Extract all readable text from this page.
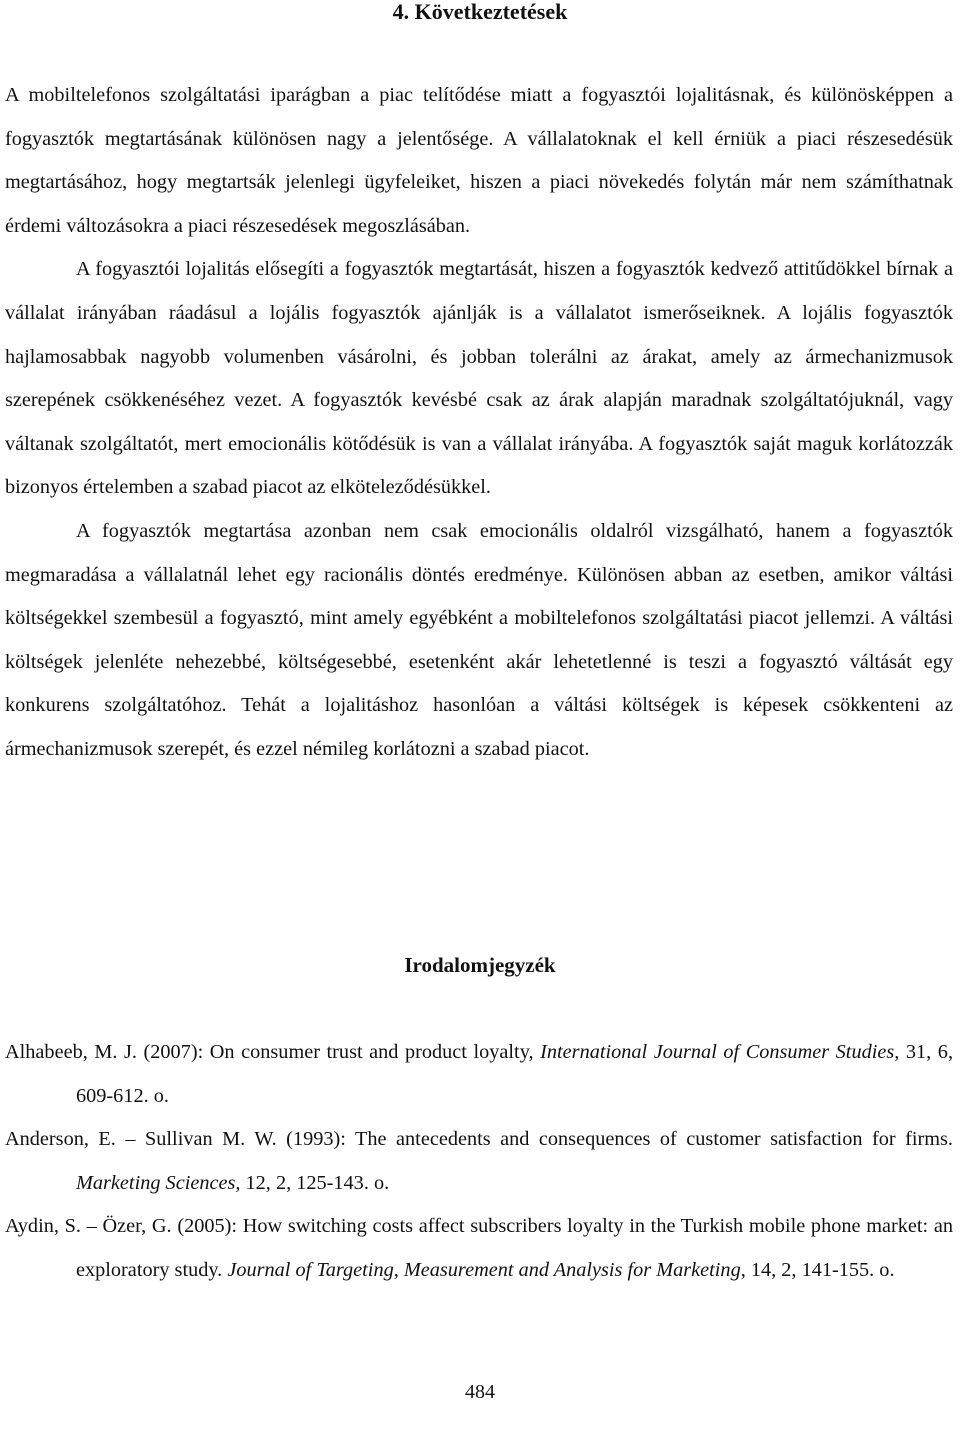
4. Következtetések

A mobiltelefonos szolgáltatási iparágban a piac telítődése miatt a fogyasztói lojalitásnak, és különösképpen a fogyasztók megtartásának különösen nagy a jelentősége. A vállalatoknak el kell érniük a piaci részesedésük megtartásához, hogy megtartsák jelenlegi ügyfeleiket, hiszen a piaci növekedés folytán már nem számíthatnak érdemi változásokra a piaci részesedések megoszlásában.

A fogyasztói lojalitás elősegíti a fogyasztók megtartását, hiszen a fogyasztók kedvező attitűdökkel bírnak a vállalat irányában ráadásul a lojális fogyasztók ajánlják is a vállalatot ismerőseiknek. A lojális fogyasztók hajlamosabbak nagyobb volumenben vásárolni, és jobban tolerálni az árakat, amely az ármechanizmusok szerepének csökkenéséhez vezet. A fogyasztók kevésbé csak az árak alapján maradnak szolgáltatójuknál, vagy váltanak szolgáltatót, mert emocionális kötődésük is van a vállalat irányába. A fogyasztók saját maguk korlátozzák bizonyos értelemben a szabad piacot az elköteleződésükkel.

A fogyasztók megtartása azonban nem csak emocionális oldalról vizsgálható, hanem a fogyasztók megmaradása a vállalatnál lehet egy racionális döntés eredménye. Különösen abban az esetben, amikor váltási költségekkel szembesül a fogyasztó, mint amely egyébként a mobiltelefonos szolgáltatási piacot jellemzi. A váltási költségek jelenléte nehezebbé, költségesebbé, esetenként akár lehetetlenné is teszi a fogyasztó váltását egy konkurens szolgáltatóhoz. Tehát a lojalitáshoz hasonlóan a váltási költségek is képesek csökkenteni az ármechanizmusok szerepét, és ezzel némileg korlátozni a szabad piacot.

Irodalomjegyzék

Alhabeeb, M. J. (2007): On consumer trust and product loyalty, International Journal of Consumer Studies, 31, 6, 609-612. o.

Anderson, E. – Sullivan M. W. (1993): The antecedents and consequences of customer satisfaction for firms. Marketing Sciences, 12, 2, 125-143. o.

Aydin, S. – Özer, G. (2005): How switching costs affect subscribers loyalty in the Turkish mobile phone market: an exploratory study. Journal of Targeting, Measurement and Analysis for Marketing, 14, 2, 141-155. o.

484
